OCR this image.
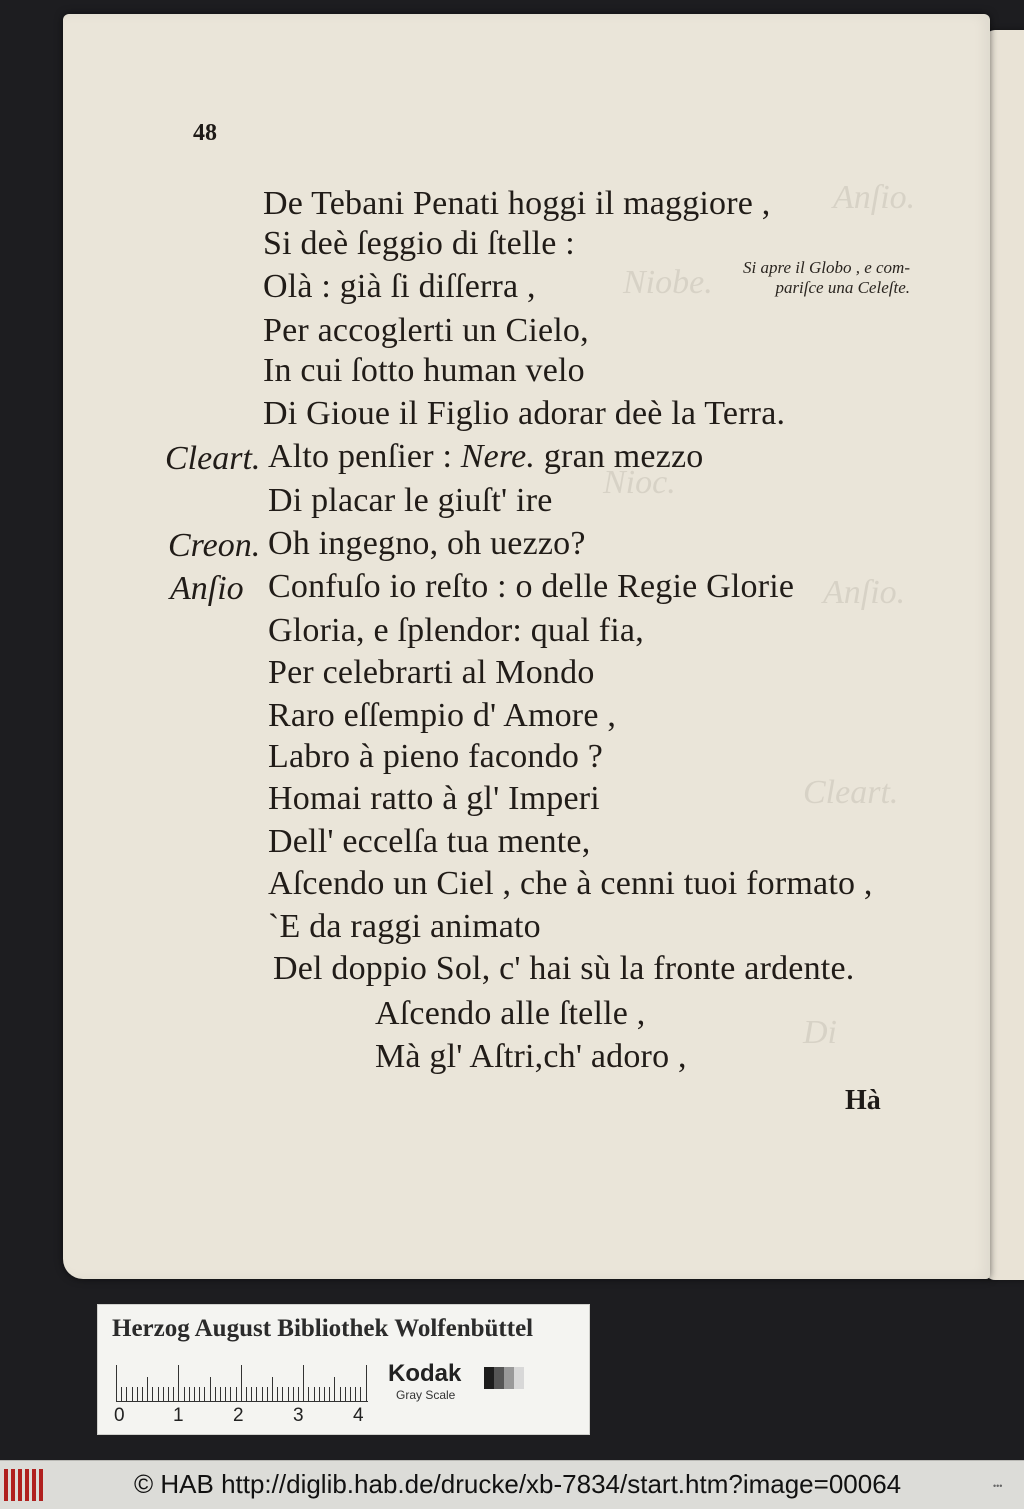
Anſio.
Niobe.
Nioc.
Anſio.
Cleart.
Di
48
De Tebani Penati hoggi il maggiore ,
Si deè ſeggio di ſtelle :
Olà : già ſi diſſerra ,
Per accoglerti un Cielo,
In cui ſotto human velo
Di Gioue il Figlio adorar deè la Terra.
Alto penſier : Nere. gran mezzo
Cleart.
Di placar le giuſt' ire
Oh ingegno, oh uezzo?
Creon.
Confuſo io reſto : o delle Regie Glorie
Anſio
Gloria, e ſplendor: qual fia,
Per celebrarti al Mondo
Raro eſſempio d' Amore ,
Labro à pieno facondo ?
Homai ratto à gl' Imperi
Dell' eccelſa tua mente,
Aſcendo un Ciel , che à cenni tuoi formato ,
`E da raggi animato
Del doppio Sol, c' hai sù la fronte ardente.
Aſcendo alle ſtelle ,
Mà gl' Aſtri,ch' adoro ,
Si apre il Globo , e com-
pariſce una Celeſte.
Hà
Herzog August Bibliothek Wolfenbüttel
0	1	2	3	4
Kodak
Gray Scale
© HAB http://diglib.hab.de/drucke/xb-7834/start.htm?image=00064	•••
